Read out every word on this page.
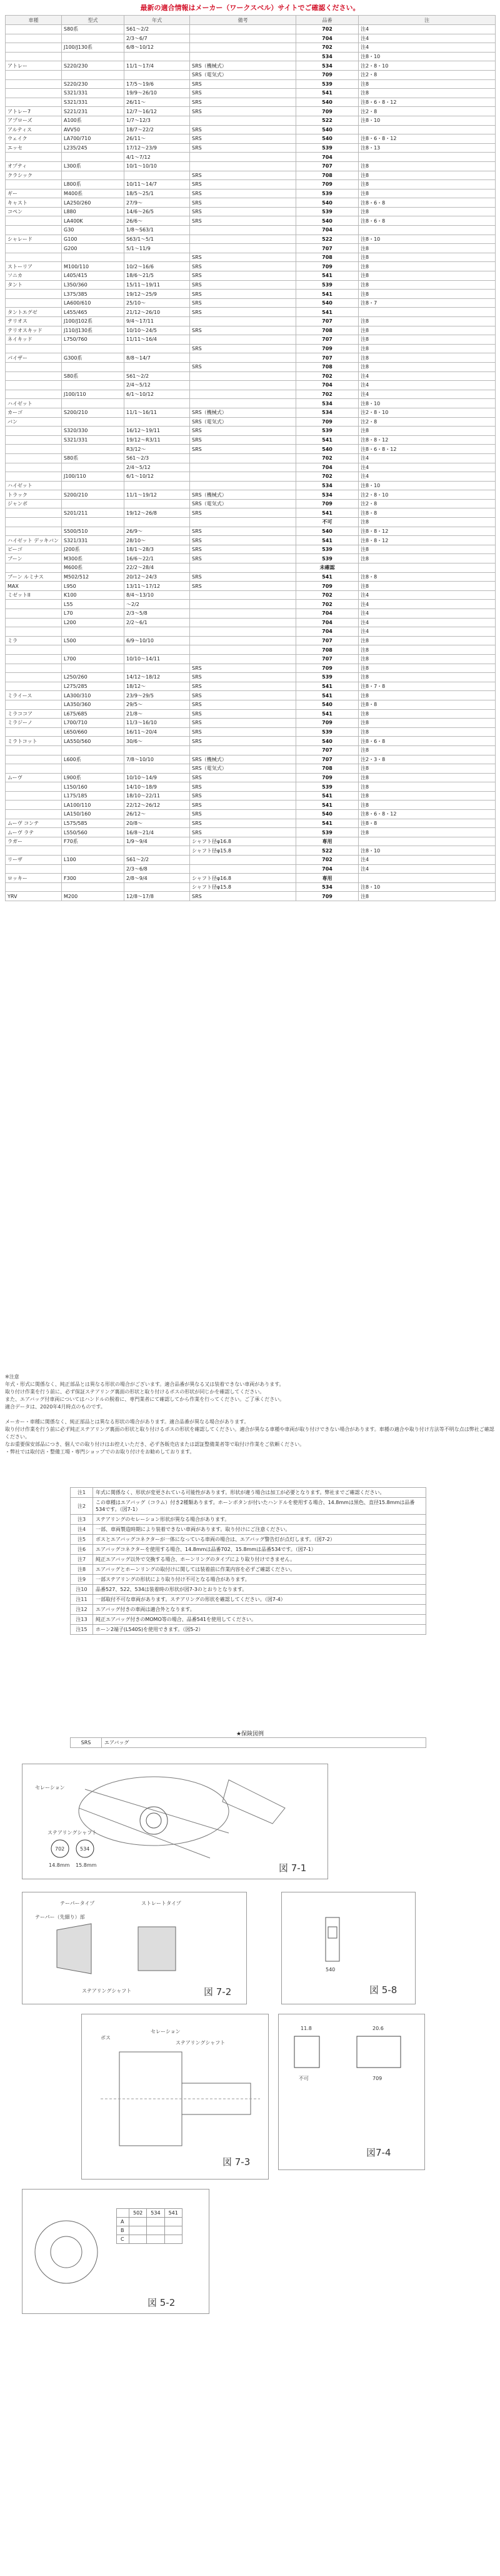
最新の適合情報はメーカー（ワークスベル）サイトでご確認ください。
車種	型式	年式	備考	品番	注
	S80系	S61〜2/2		702	注4
		2/3〜6/7		704	注4
	J100/J130系	6/8〜10/12		702	注4
				534	注8・10
アトレー	S220/230	11/1〜17/4	SRS（機械式）	534	注2・8・10
			SRS（電気式）	709	注2・8
	S220/230	17/5〜19/6	SRS	539	注8
	S321/331	19/9〜26/10	SRS	541	注8
	S321/331	26/11〜	SRS	540	注8・6・8・12
アトレー7	S221/231	12/7〜16/12	SRS	709	注2・8
アプローズ	A100系	1/7〜12/3		522	注8・10
アルティス	AVV50	18/7〜22/2	SRS	540	
ウェイク	LA700/710	26/11〜	SRS	540	注8・6・8・12
エッセ	L235/245	17/12〜23/9	SRS	539	注8・13
		4/1〜7/12		704	
オプティ	L300系	10/1〜10/10		707	注8
クラシック			SRS	708	注8
	L800系	10/11〜14/7	SRS	709	注8
ギー	M400系	18/5〜25/1	SRS	539	注8
キャスト	LA250/260	27/9〜	SRS	540	注8・6・8
コペン	L880	14/6〜26/5	SRS	539	注8
	LA400K	26/6〜	SRS	540	注8・6・8
	G30	1/8〜S63/1		704	
シャレード	G100	S63/1〜5/1		522	注8・10
	G200	5/1〜11/9		707	注8
			SRS	708	注8
ストーリア	M100/110	10/2〜16/6	SRS	709	注8
ソニカ	L405/415	18/6〜21/5	SRS	541	注8
タント	L350/360	15/11〜19/11	SRS	539	注8
	L375/385	19/12〜25/9	SRS	541	注8
	LA600/610	25/10〜	SRS	540	注8・7
タントエグゼ	L455/465	21/12〜26/10	SRS	541	
テリオス	J100/J102系	9/4〜17/11		707	注8
テリオスキッド	J110/J130系	10/10〜24/5	SRS	708	注8
ネイキッド	L750/760	11/11〜16/4		707	注8
			SRS	709	注8
パイザー	G300系	8/8〜14/7		707	注8
			SRS	708	注8
	S80系	S61〜2/2		702	注4
		2/4〜5/12		704	注4
	J100/110	6/1〜10/12		702	注4
ハイゼット				534	注8・10
カーゴ	S200/210	11/1〜16/11	SRS（機械式）	534	注2・8・10
バン			SRS（電気式）	709	注2・8
	S320/330	16/12〜19/11	SRS	539	注8
	S321/331	19/12〜R3/11	SRS	541	注8・8・12
		R3/12〜	SRS	540	注8・6・8・12
	S80系	S61〜2/3		702	注4
		2/4〜5/12		704	注4
	J100/110	6/1〜10/12		702	注4
ハイゼット				534	注8・10
トラック	S200/210	11/1〜19/12	SRS（機械式）	534	注2・8・10
ジャンボ			SRS（電気式）	709	注2・8
	S201/211	19/12〜26/8	SRS	541	注8・8
				不可	注8
	S500/510	26/9〜	SRS	540	注8・8・12
ハイゼット デッキバン	S321/331	28/10〜	SRS	541	注8・8・12
ビーゴ	J200系	18/1〜28/3	SRS	539	注8
ブーン	M300系	16/6〜22/1	SRS	539	注8
	M600系	22/2〜28/4		未確認	
ブーン ルミナス	M502/512	20/12〜24/3	SRS	541	注8・8
MAX	L950	13/11〜17/12	SRS	709	注8
ミゼットII	K100	8/4〜13/10		702	注4
	L55	〜2/2		702	注4
	L70	2/3〜5/8		704	注4
	L200	2/2〜6/1		704	注4
				704	注4
ミラ	L500	6/9〜10/10		707	注8
				708	注8
	L700	10/10〜14/11		707	注8
			SRS	709	注8
	L250/260	14/12〜18/12	SRS	539	注8
	L275/285	18/12〜	SRS	541	注8・7・8
ミライース	LA300/310	23/9〜29/5	SRS	541	注8
	LA350/360	29/5〜	SRS	540	注8・8
ミラココア	L675/685	21/8〜	SRS	541	注8
ミラジーノ	L700/710	11/3〜16/10	SRS	709	注8
	L650/660	16/11〜20/4	SRS	539	注8
ミラトコット	LA550/560	30/6〜	SRS	540	注8・6・8
				707	注8
	L600系	7/8〜10/10	SRS（機械式）	707	注2・3・8
			SRS（電気式）	708	注8
ムーヴ	L900系	10/10〜14/9	SRS	709	注8
	L150/160	14/10〜18/9	SRS	539	注8
	L175/185	18/10〜22/11	SRS	541	注8
	LA100/110	22/12〜26/12	SRS	541	注8
	LA150/160	26/12〜	SRS	540	注8・6・8・12
ムーヴ コンテ	L575/585	20/8〜	SRS	541	注8・8
ムーヴ ラテ	L550/560	16/8〜21/4	SRS	539	注8
ラガー	F70系	1/9〜9/4	シャフト径φ16.8	専用	
			シャフト径φ15.8	522	注8・10
リーザ	L100	S61〜2/2		702	注4
		2/3〜6/8		704	注4
ロッキー	F300	2/8〜9/4	シャフト径φ16.8	専用	
			シャフト径φ15.8	534	注8・10
YRV	M200	12/8〜17/8	SRS	709	注8

※注意

年式・形式に関係なく、純正部品とは異なる形状の場合がございます。適合品番が異なる又は装着できない車両があります。

取り付け作業を行う前に、必ず保証ステアリング裏面の形状と取り付けるボスの形状が同じかを確認してください。

また、エアバッグ付車両についてはハンドルの脱着に、専門業者にて確認してから作業を行ってください。ご了承ください。

適合データは、2020年4月時点のものです。

メーカー・車種に関係なく、純正部品とは異なる形状の場合があります。適合品番が異なる場合があります。

取り付け作業を行う前に必ず純正ステアリング裏面の形状と取り付けるボスの形状を確認してください。適合が異なる車種や車両が取り付けできない場合があります。車種の適合や取り付け方法等不明な点は弊社ご確認ください。

なお重要保安部品につき、個人での取り付けはお控えいただき、必ず各販売店または認証整備業者等で取付け作業をご依頼ください。

・弊社では取付店・整備工場・専門ショップでのお取り付けをお勧めしております。

注1	年式に関係なく、形状が変更されている可能性があります。形状が違う場合は加工が必要となります。弊社までご確認ください。
注2	この車種はエアバッグ（コラム）付き2種類あります。ホーンボタンが付いたハンドルを使用する場合、14.8mmは黒色、直径15.8mmは品番534です。（図7-1）
注3	ステアリングのセレーション形状が異なる場合があります。
注4	一部、車両製造時期により装着できない車両があります。取り付けにご注意ください。
注5	ボスとエアバッグコネクターが一体になっている車両の場合は、エアバッグ警告灯が点灯します。（図7-2）
注6	エアバッグコネクターを使用する場合、14.8mmは品番702、15.8mmは品番534です。（図7-1）
注7	純正エアバッグ以外で交換する場合、ホーンリングのタイプにより取り付けできません。
注8	エアバッグとホーンリングの取付けに関しては装着前に作業内容を必ずご確認ください。
注9	一部ステアリングの形状により取り付け不可となる場合があります。
注10	品番527、522、534は装着時の形状が図7-3のとおりとなります。
注11	一部取付不可な車両があります。ステアリングの形状を確認してください。（図7-4）
注12	エアバッグ付きの車両は適合外となります。
注13	純正エアバッグ付きのMOMO等の場合、品番541を使用してください。
注15	ホーン2端子(L540S)を使用できます。（図5-2）
★保険図例
SRS	エアバッグ
702	534
セレーション
ステアリングシャフト
14.8mm 15.8mm	図 7-1
テーパータイプ	ストレートタイプ
テーパー（先細り）部
ステアリングシャフト	図 7-2
540
図 5-8
ボス
セレーション
ステアリングシャフト
図 7-3
11.8	20.6
不可	709
図7-4
	502	534	541
A			
B			
C			
図 5-2
